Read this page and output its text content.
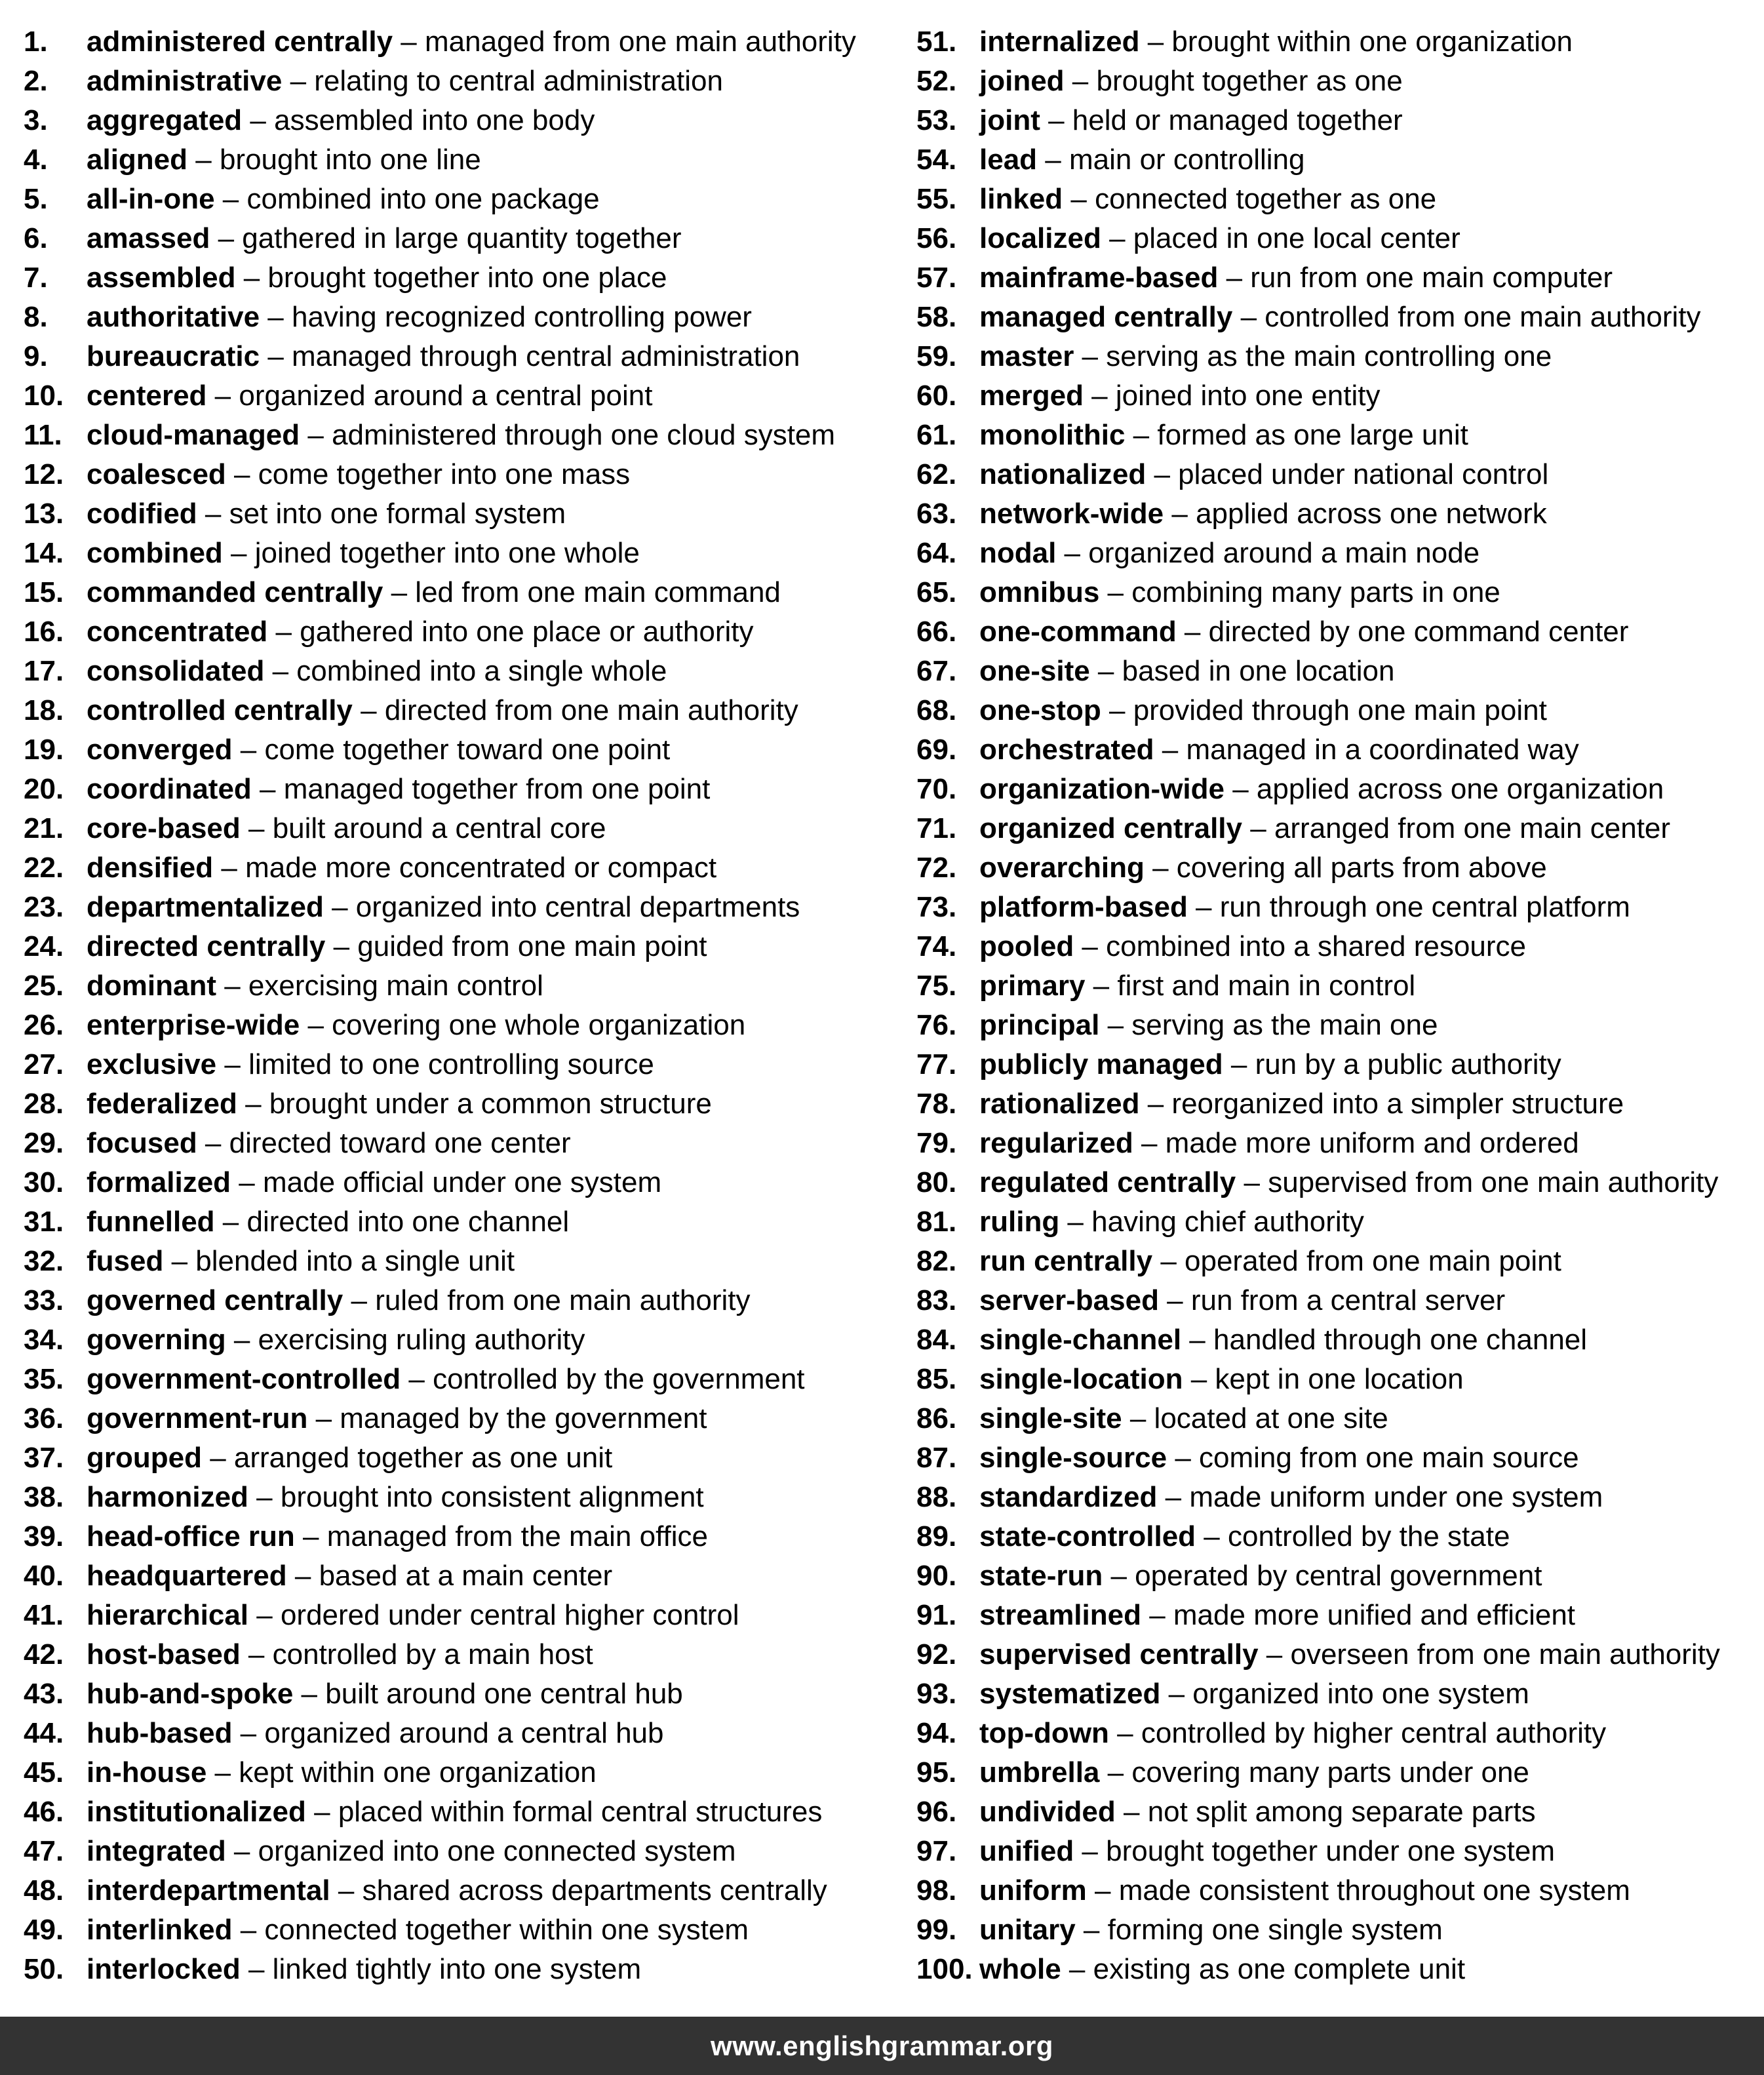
1. administered centrally – managed from one main authority
2. administrative – relating to central administration
3. aggregated – assembled into one body
4. aligned – brought into one line
5. all-in-one – combined into one package
6. amassed – gathered in large quantity together
7. assembled – brought together into one place
8. authoritative – having recognized controlling power
9. bureaucratic – managed through central administration
10. centered – organized around a central point
11. cloud-managed – administered through one cloud system
12. coalesced – come together into one mass
13. codified – set into one formal system
14. combined – joined together into one whole
15. commanded centrally – led from one main command
16. concentrated – gathered into one place or authority
17. consolidated – combined into a single whole
18. controlled centrally – directed from one main authority
19. converged – come together toward one point
20. coordinated – managed together from one point
21. core-based – built around a central core
22. densified – made more concentrated or compact
23. departmentalized – organized into central departments
24. directed centrally – guided from one main point
25. dominant – exercising main control
26. enterprise-wide – covering one whole organization
27. exclusive – limited to one controlling source
28. federalized – brought under a common structure
29. focused – directed toward one center
30. formalized – made official under one system
31. funnelled – directed into one channel
32. fused – blended into a single unit
33. governed centrally – ruled from one main authority
34. governing – exercising ruling authority
35. government-controlled – controlled by the government
36. government-run – managed by the government
37. grouped – arranged together as one unit
38. harmonized – brought into consistent alignment
39. head-office run – managed from the main office
40. headquartered – based at a main center
41. hierarchical – ordered under central higher control
42. host-based – controlled by a main host
43. hub-and-spoke – built around one central hub
44. hub-based – organized around a central hub
45. in-house – kept within one organization
46. institutionalized – placed within formal central structures
47. integrated – organized into one connected system
48. interdepartmental – shared across departments centrally
49. interlinked – connected together within one system
50. interlocked – linked tightly into one system
51. internalized – brought within one organization
52. joined – brought together as one
53. joint – held or managed together
54. lead – main or controlling
55. linked – connected together as one
56. localized – placed in one local center
57. mainframe-based – run from one main computer
58. managed centrally – controlled from one main authority
59. master – serving as the main controlling one
60. merged – joined into one entity
61. monolithic – formed as one large unit
62. nationalized – placed under national control
63. network-wide – applied across one network
64. nodal – organized around a main node
65. omnibus – combining many parts in one
66. one-command – directed by one command center
67. one-site – based in one location
68. one-stop – provided through one main point
69. orchestrated – managed in a coordinated way
70. organization-wide – applied across one organization
71. organized centrally – arranged from one main center
72. overarching – covering all parts from above
73. platform-based – run through one central platform
74. pooled – combined into a shared resource
75. primary – first and main in control
76. principal – serving as the main one
77. publicly managed – run by a public authority
78. rationalized – reorganized into a simpler structure
79. regularized – made more uniform and ordered
80. regulated centrally – supervised from one main authority
81. ruling – having chief authority
82. run centrally – operated from one main point
83. server-based – run from a central server
84. single-channel – handled through one channel
85. single-location – kept in one location
86. single-site – located at one site
87. single-source – coming from one main source
88. standardized – made uniform under one system
89. state-controlled – controlled by the state
90. state-run – operated by central government
91. streamlined – made more unified and efficient
92. supervised centrally – overseen from one main authority
93. systematized – organized into one system
94. top-down – controlled by higher central authority
95. umbrella – covering many parts under one
96. undivided – not split among separate parts
97. unified – brought together under one system
98. uniform – made consistent throughout one system
99. unitary – forming one single system
100. whole – existing as one complete unit
www.englishgrammar.org
